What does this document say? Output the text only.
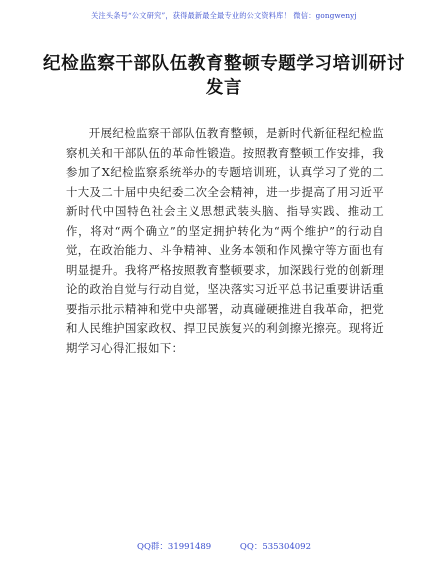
关注头条号“公文研究”，获得最新最全最专业的公文资料库！ 微信：gongwenyj
纪检监察干部队伍教育整顿专题学习培训研讨发言

开展纪检监察干部队伍教育整顿，是新时代新征程纪检监察机关和干部队伍的革命性锻造。按照教育整顿工作安排，我参加了X纪检监察系统举办的专题培训班，认真学习了党的二十大及二十届中央纪委二次全会精神，进一步提高了用习近平新时代中国特色社会主义思想武装头脑、指导实践、推动工作，将对“两个确立”的坚定拥护转化为“两个维护”的行动自觉，在政治能力、斗争精神、业务本领和作风操守等方面也有明显提升。我将严格按照教育整顿要求，加深践行党的创新理论的政治自觉与行动自觉，坚决落实习近平总书记重要讲话重要指示批示精神和党中央部署，动真碰硬推进自我革命，把党和人民维护国家政权、捍卫民族复兴的利剑擦光擦亮。现将近期学习心得汇报如下：

QQ群：31991489	QQ：535304092
